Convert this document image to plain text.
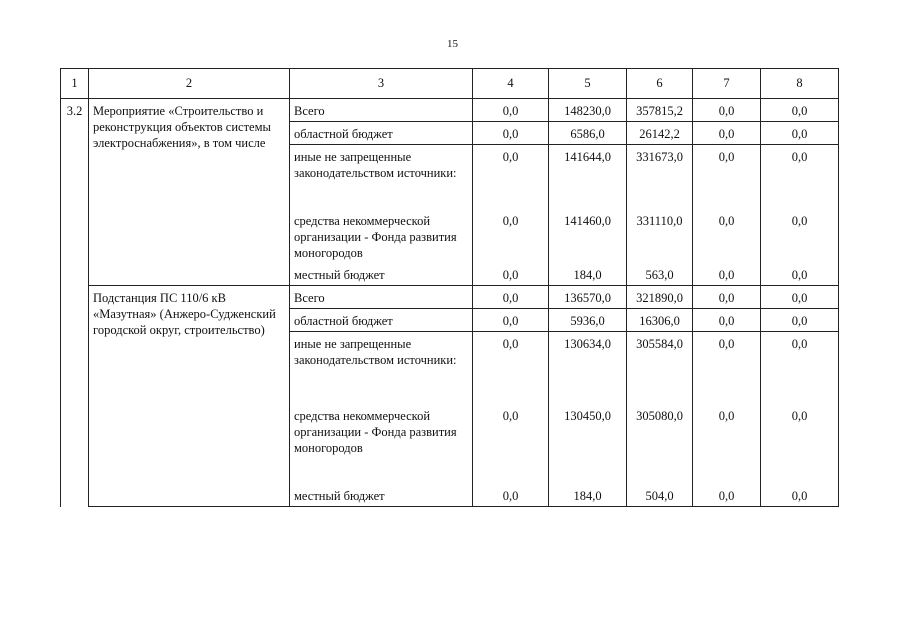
15
1	2	3	4	5	6	7	8
3.2	Мероприятие «Строительство и реконструкция объектов системы электроснабжения», в том числе	Всего	0,0	148230,0	357815,2	0,0	0,0
		областной бюджет	0,0	6586,0	26142,2	0,0	0,0
		иные не запрещенные законодательством источники:	0,0	141644,0	331673,0	0,0	0,0
		средства некоммерческой организации - Фонда развития моногородов	0,0	141460,0	331110,0	0,0	0,0
		местный бюджет	0,0	184,0	563,0	0,0	0,0
	Подстанция ПС 110/6 кВ «Мазутная» (Анжеро-Судженский городской округ, строительство)	Всего	0,0	136570,0	321890,0	0,0	0,0
		областной бюджет	0,0	5936,0	16306,0	0,0	0,0
		иные не запрещенные законодательством источники:	0,0	130634,0	305584,0	0,0	0,0
		средства некоммерческой организации - Фонда развития моногородов	0,0	130450,0	305080,0	0,0	0,0
		местный бюджет	0,0	184,0	504,0	0,0	0,0
